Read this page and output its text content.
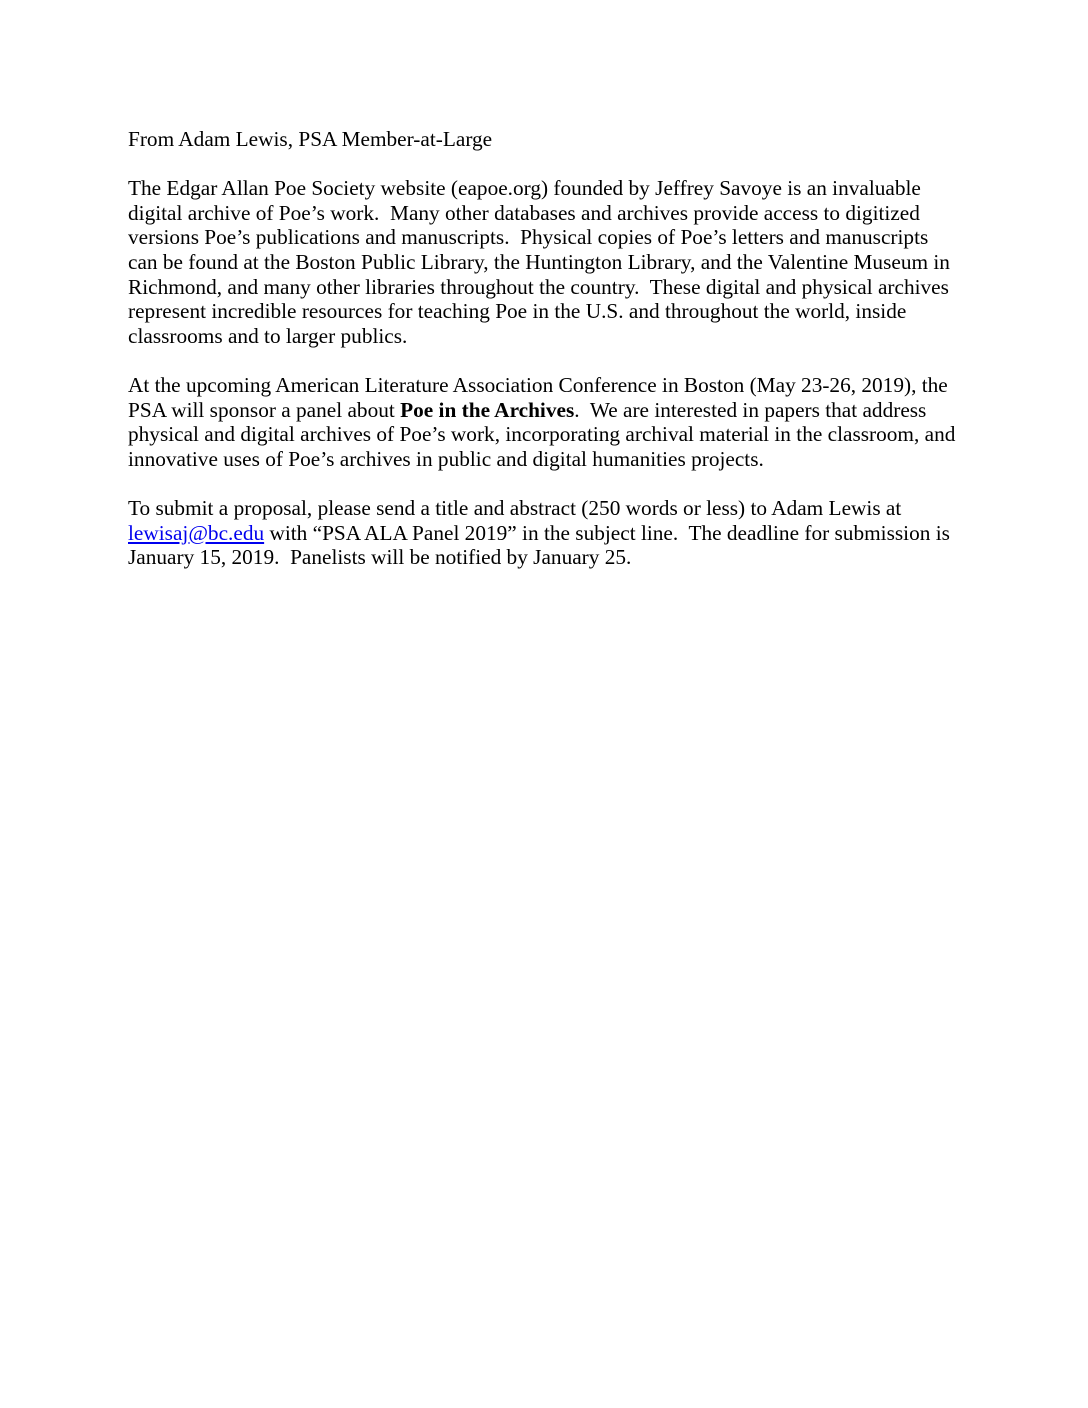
From Adam Lewis, PSA Member-at-Large

The Edgar Allan Poe Society website (eapoe.org) founded by Jeffrey Savoye is an invaluable
digital archive of Poe’s work.  Many other databases and archives provide access to digitized
versions Poe’s publications and manuscripts.  Physical copies of Poe’s letters and manuscripts
can be found at the Boston Public Library, the Huntington Library, and the Valentine Museum in
Richmond, and many other libraries throughout the country.  These digital and physical archives
represent incredible resources for teaching Poe in the U.S. and throughout the world, inside
classrooms and to larger publics.

At the upcoming American Literature Association Conference in Boston (May 23-26, 2019), the
PSA will sponsor a panel about Poe in the Archives.  We are interested in papers that address
physical and digital archives of Poe’s work, incorporating archival material in the classroom, and
innovative uses of Poe’s archives in public and digital humanities projects.

To submit a proposal, please send a title and abstract (250 words or less) to Adam Lewis at
lewisaj@bc.edu with “PSA ALA Panel 2019” in the subject line.  The deadline for submission is
January 15, 2019.  Panelists will be notified by January 25.
